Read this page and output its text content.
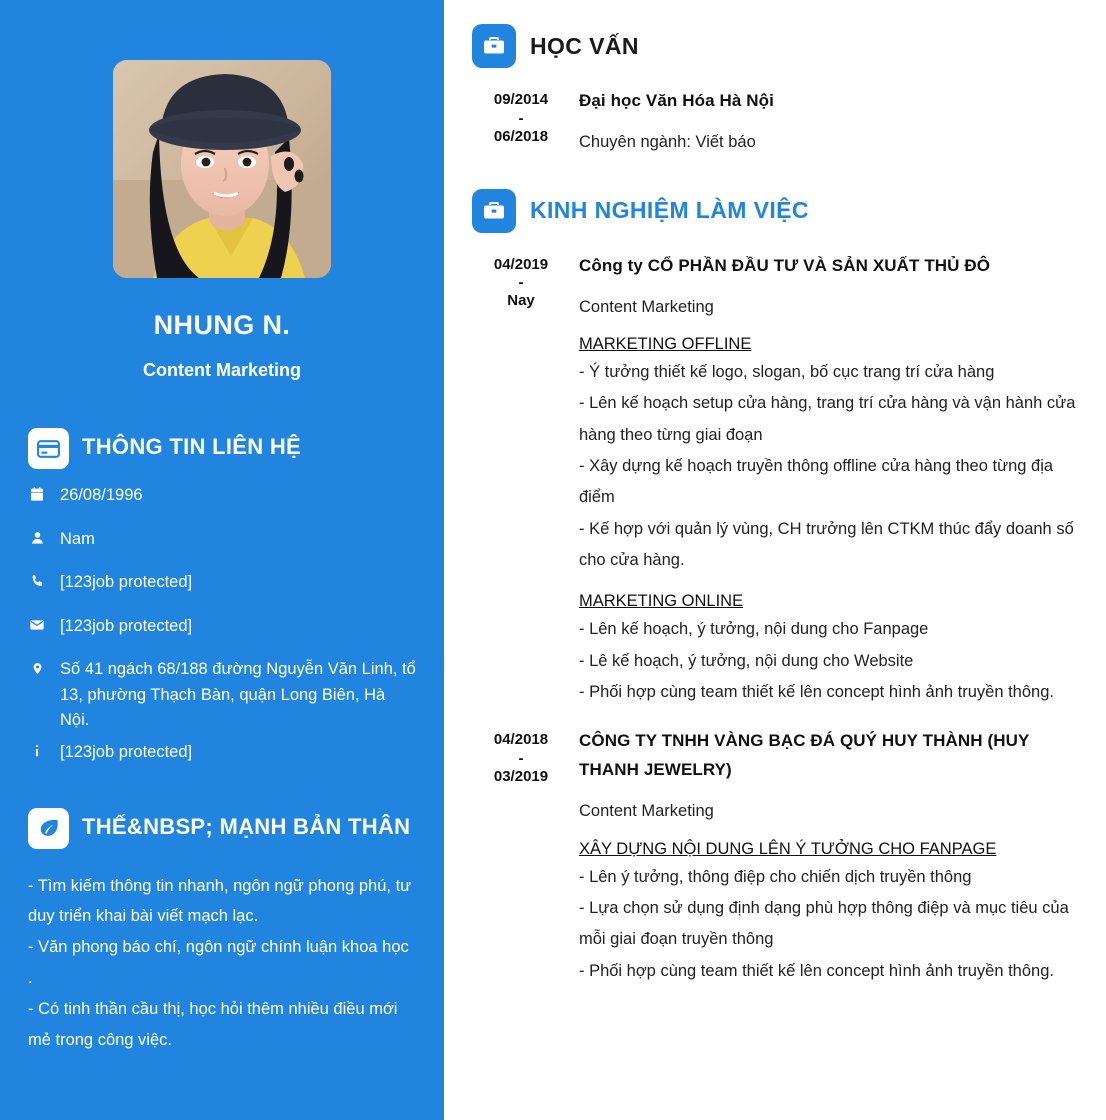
NHUNG N.
Content Marketing
THÔNG TIN LIÊN HỆ
26/08/1996
Nam
[123job protected]
[123job protected]
Số 41 ngách 68/188 đường Nguyễn Văn Linh, tổ 13, phường Thạch Bàn, quận Long Biên, Hà Nội.
[123job protected]
THẾ&NBSP; MẠNH BẢN THÂN

- Tìm kiếm thông tin nhanh, ngôn ngữ phong phú, tư duy triển khai bài viết mạch lạc.

- Văn phong báo chí, ngôn ngữ chính luận khoa học .

- Có tinh thần cầu thị, học hỏi thêm nhiều điều mới mẻ trong công việc.

HỌC VẤN
09/2014
-
06/2018
Đại học Văn Hóa Hà Nội
Chuyên ngành: Viết báo
KINH NGHIỆM LÀM VIỆC
04/2019
-
Nay
Công ty CỔ PHẦN ĐẦU TƯ VÀ SẢN XUẤT THỦ ĐÔ
Content Marketing
MARKETING OFFLINE
- Ý tưởng thiết kế logo, slogan, bố cục trang trí cửa hàng
- Lên kế hoạch setup cửa hàng, trang trí cửa hàng và vận hành cửa hàng theo từng giai đoạn
- Xây dựng kế hoạch truyền thông offline cửa hàng theo từng địa điểm
- Kế hợp với quản lý vùng, CH trưởng lên CTKM thúc đẩy doanh số cho cửa hàng.
MARKETING ONLINE
- Lên kế hoạch, ý tưởng, nội dung cho Fanpage
- Lê kế hoạch, ý tưởng, nội dung cho Website
- Phối hợp cùng team thiết kế lên concept hình ảnh truyền thông.
04/2018
-
03/2019
CÔNG TY TNHH VÀNG BẠC ĐÁ QUÝ HUY THÀNH (HUY THANH JEWELRY)
Content Marketing
XÂY DỰNG NỘI DUNG LÊN Ý TƯỞNG CHO FANPAGE
- Lên ý tưởng, thông điệp cho chiến dịch truyền thông
- Lựa chọn sử dụng định dạng phù hợp thông điệp và mục tiêu của mỗi giai đoạn truyền thông
- Phối hợp cùng team thiết kế lên concept hình ảnh truyền thông.
